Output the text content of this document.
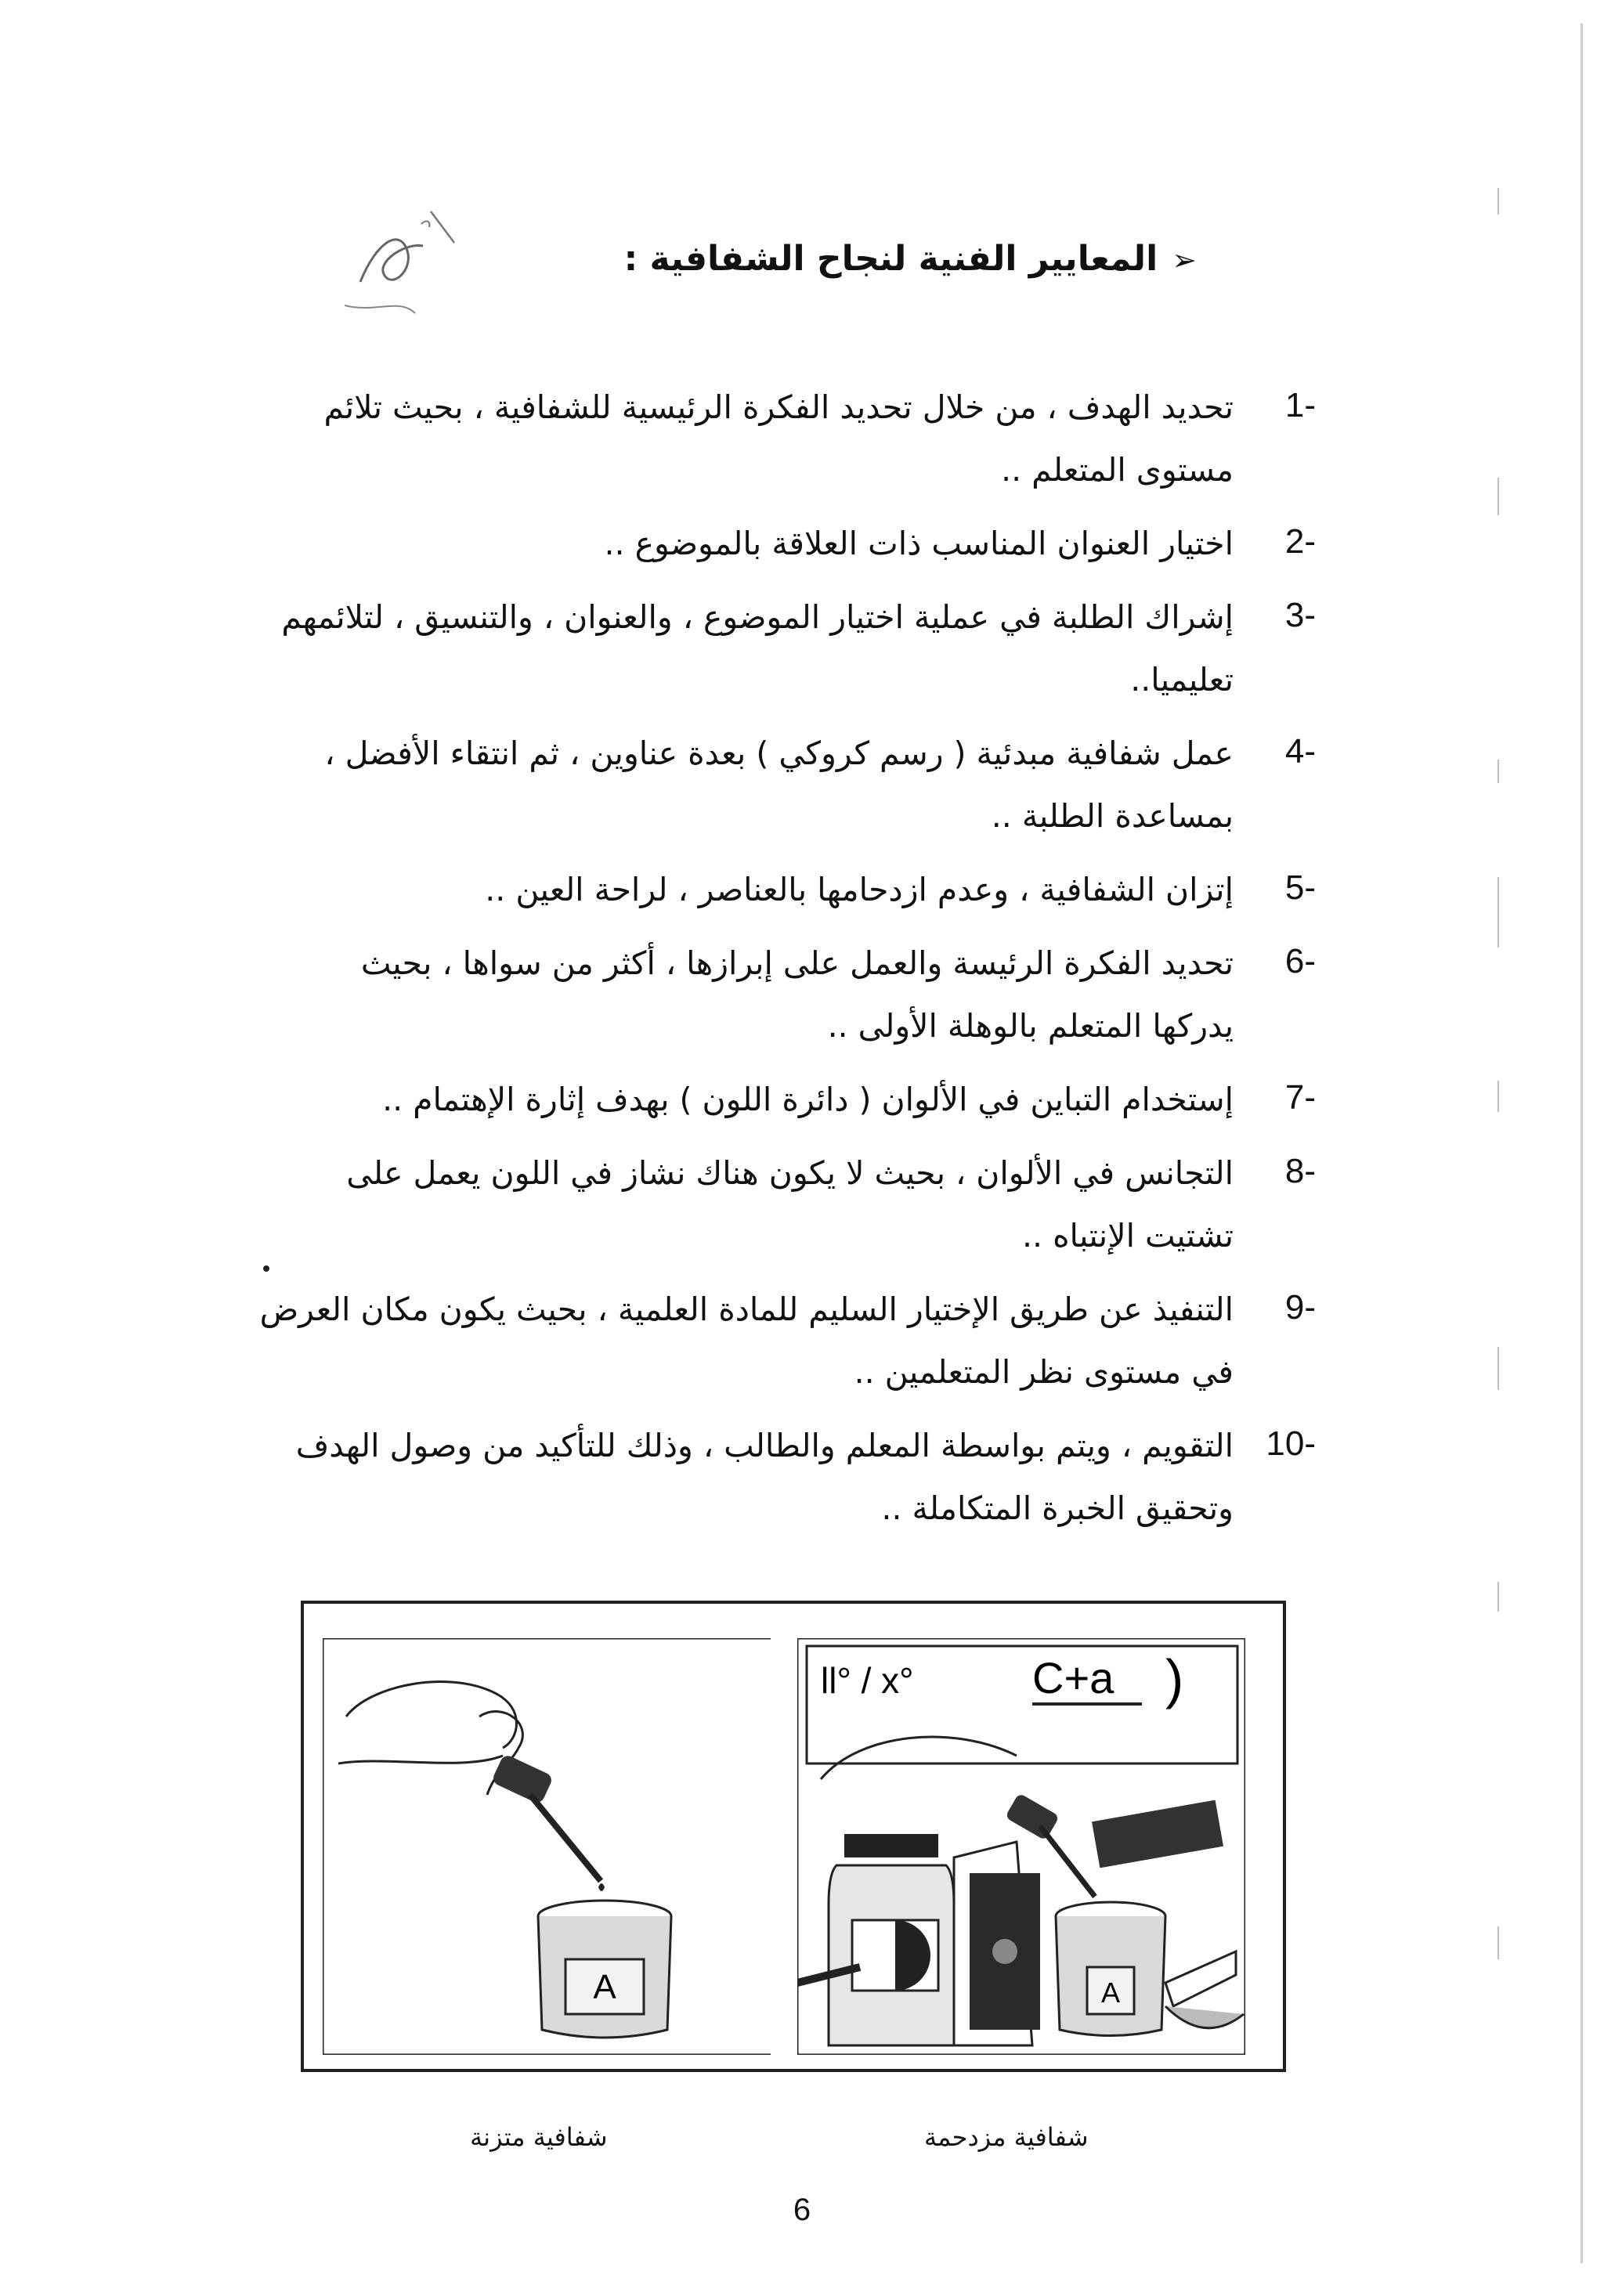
➢المعايير الفنية لنجاح الشفافية :
1-
تحديد الهدف ، من خلال تحديد الفكرة الرئيسية للشفافية ، بحيث تلائم
مستوى المتعلم ..
2-
اختيار العنوان المناسب ذات العلاقة بالموضوع ..
3-
إشراك الطلبة في عملية اختيار الموضوع ، والعنوان ، والتنسيق ، لتلائمهم
تعليميا..
4-
عمل شفافية مبدئية ( رسم كروكي ) بعدة عناوين ، ثم انتقاء الأفضل ،
بمساعدة الطلبة ..
5-
إتزان الشفافية ، وعدم ازدحامها بالعناصر ، لراحة العين ..
6-
تحديد الفكرة الرئيسة والعمل على إبرازها ، أكثر من سواها ، بحيث
يدركها المتعلم بالوهلة الأولى ..
7-
إستخدام التباين في الألوان ( دائرة اللون ) بهدف إثارة الإهتمام ..
8-
التجانس في الألوان ، بحيث لا يكون هناك نشاز في اللون يعمل على
تشتيت الإنتباه ..
9-
التنفيذ عن طريق الإختيار السليم للمادة العلمية ، بحيث يكون مكان العرض
في مستوى نظر المتعلمين ..
10-
التقويم ، ويتم بواسطة المعلم والطالب ، وذلك للتأكيد من وصول الهدف
وتحقيق الخبرة المتكاملة ..
A
ll° / x°	C+a )
A
شفافية متزنة	شفافية مزدحمة
6
